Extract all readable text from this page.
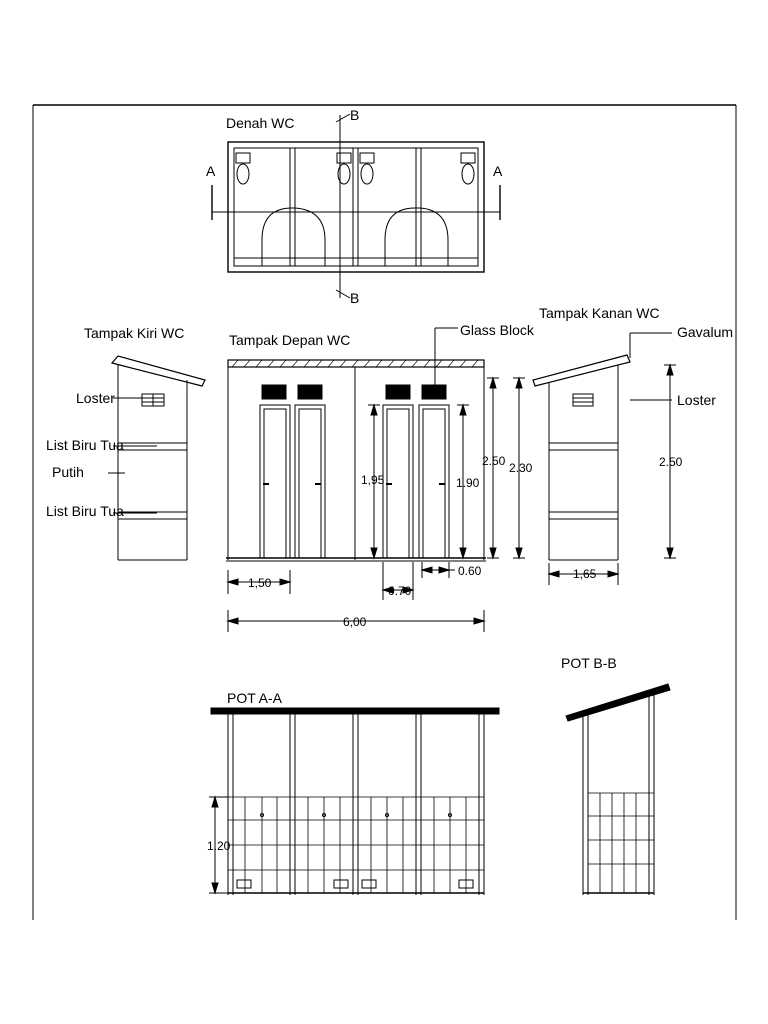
Denah WC
A	A
B
B
Tampak Kiri WC
Loster
List Biru Tua
Putih
List Biru Tua
Tampak Depan WC
Glass Block
1,50
0.70
0.60
6,00
1,95	1.90
2.50 2.30
Tampak Kanan WC
Gavalum
Loster
2.50
1,65
POT A-A
1.20
POT B-B
